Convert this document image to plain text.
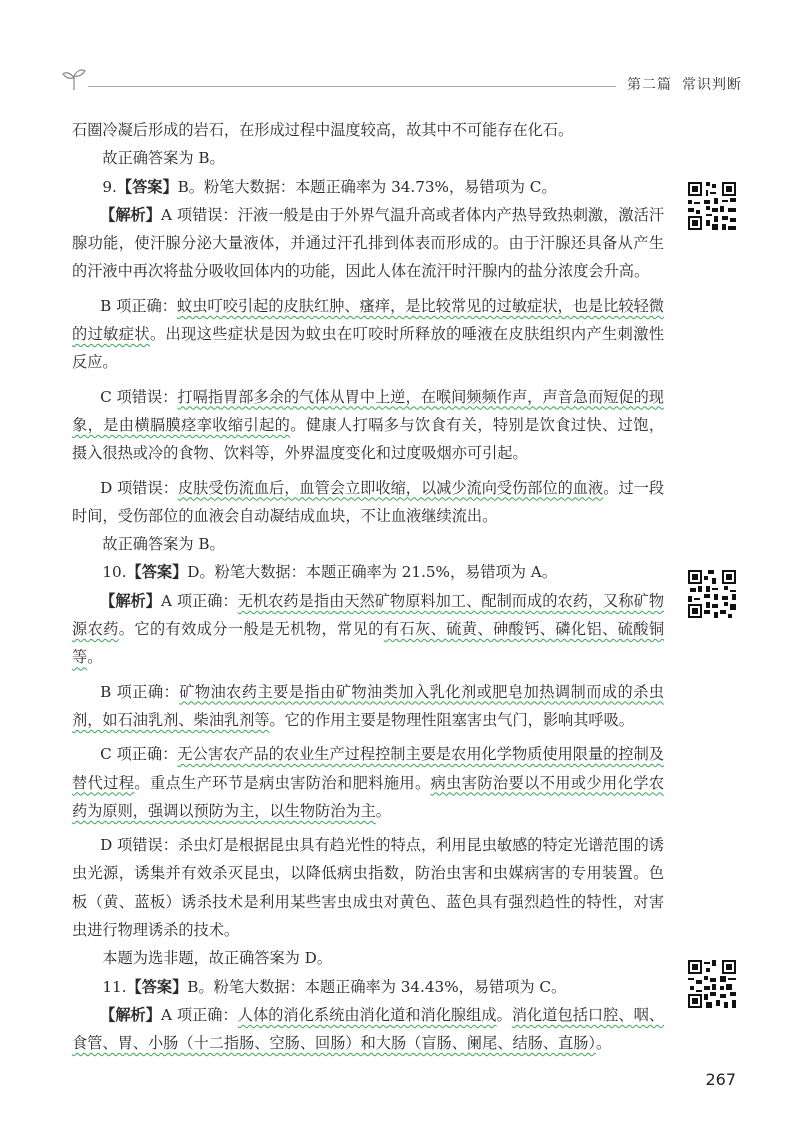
第二篇 常识判断

石圈冷凝后形成的岩石，在形成过程中温度较高，故其中不可能存在化石。

故正确答案为 B。

9.【答案】B。粉笔大数据：本题正确率为 34.73%，易错项为 C。

【解析】A 项错误：汗液一般是由于外界气温升高或者体内产热导致热刺激，激活汗腺功能，使汗腺分泌大量液体，并通过汗孔排到体表而形成的。由于汗腺还具备从产生的汗液中再次将盐分吸收回体内的功能，因此人体在流汗时汗腺内的盐分浓度会升高。

B 项正确：蚊虫叮咬引起的皮肤红肿、瘙痒，是比较常见的过敏症状，也是比较轻微的过敏症状。出现这些症状是因为蚊虫在叮咬时所释放的唾液在皮肤组织内产生刺激性反应。

C 项错误：打嗝指胃部多余的气体从胃中上逆，在喉间频频作声，声音急而短促的现象，是由横膈膜痉挛收缩引起的。健康人打嗝多与饮食有关，特别是饮食过快、过饱，摄入很热或冷的食物、饮料等，外界温度变化和过度吸烟亦可引起。

D 项错误：皮肤受伤流血后，血管会立即收缩，以减少流向受伤部位的血液。过一段时间，受伤部位的血液会自动凝结成血块，不让血液继续流出。

故正确答案为 B。

10.【答案】D。粉笔大数据：本题正确率为 21.5%，易错项为 A。

【解析】A 项正确：无机农药是指由天然矿物原料加工、配制而成的农药，又称矿物源农药。它的有效成分一般是无机物，常见的有石灰、硫黄、砷酸钙、磷化铝、硫酸铜等。

B 项正确：矿物油农药主要是指由矿物油类加入乳化剂或肥皂加热调制而成的杀虫剂，如石油乳剂、柴油乳剂等。它的作用主要是物理性阻塞害虫气门，影响其呼吸。

C 项正确：无公害农产品的农业生产过程控制主要是农用化学物质使用限量的控制及替代过程。重点生产环节是病虫害防治和肥料施用。病虫害防治要以不用或少用化学农药为原则，强调以预防为主，以生物防治为主。

D 项错误：杀虫灯是根据昆虫具有趋光性的特点，利用昆虫敏感的特定光谱范围的诱虫光源，诱集并有效杀灭昆虫，以降低病虫指数，防治虫害和虫媒病害的专用装置。色板（黄、蓝板）诱杀技术是利用某些害虫成虫对黄色、蓝色具有强烈趋性的特性，对害虫进行物理诱杀的技术。

本题为选非题，故正确答案为 D。

11.【答案】B。粉笔大数据：本题正确率为 34.43%，易错项为 C。

【解析】A 项正确：人体的消化系统由消化道和消化腺组成。消化道包括口腔、咽、食管、胃、小肠（十二指肠、空肠、回肠）和大肠（盲肠、阑尾、结肠、直肠）。

267
